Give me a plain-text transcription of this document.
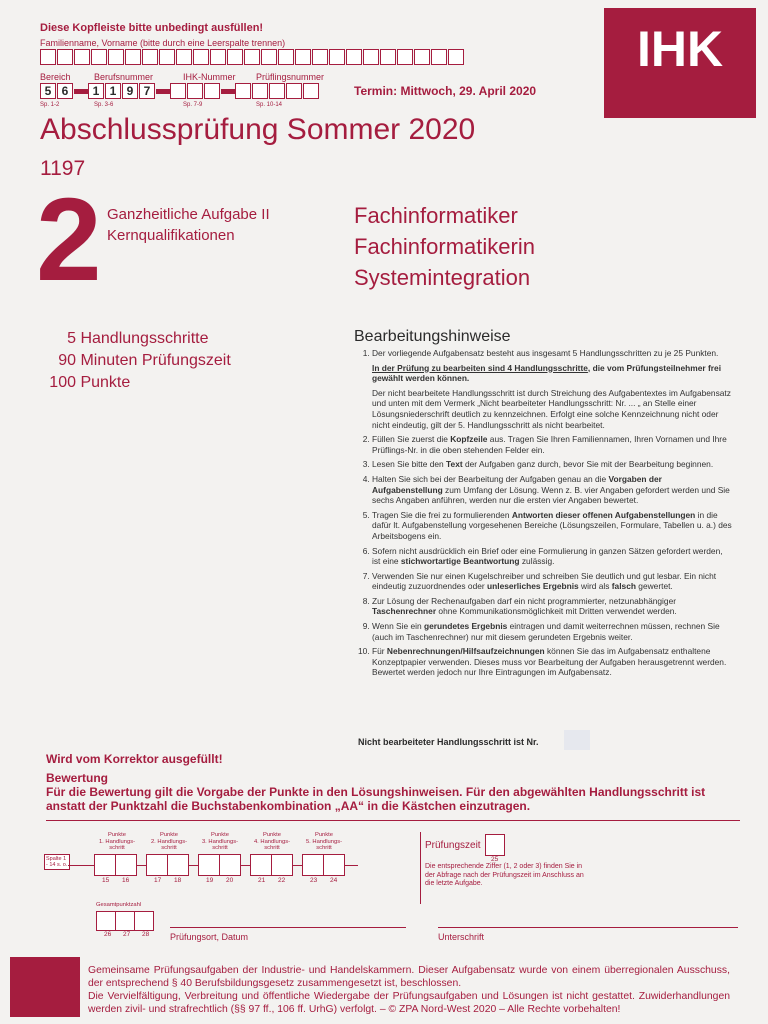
Diese Kopfleiste bitte unbedingt ausfüllen!
Familienname, Vorname (bitte durch eine Leerspalte trennen)
Bereich	Berufsnummer	IHK-Nummer Prüflingsnummer
5 6	1 1 9 7
Sp. 1-2	Sp. 3-6	Sp. 7-9	Sp. 10-14
Termin: Mittwoch, 29. April 2020
IHK
Abschlussprüfung Sommer 2020
1197
2 Ganzheitliche Aufgabe II
Kernqualifikationen
Fachinformatiker
Fachinformatikerin
Systemintegration
5 Handlungsschritte
90 Minuten Prüfungszeit
100 Punkte
Bearbeitungshinweise
1. Der vorliegende Aufgabensatz besteht aus insgesamt 5 Handlungsschritten zu je 25 Punkten.
In der Prüfung zu bearbeiten sind 4 Handlungsschritte, die vom Prüfungsteilnehmer frei gewählt werden können.
Der nicht bearbeitete Handlungsschritt ist durch Streichung des Aufgabentextes im Aufgabensatz und unten mit dem Vermerk „Nicht bearbeiteter Handlungsschritt: Nr. ... „ an Stelle einer Lösungsniederschrift deutlich zu kennzeichnen. Erfolgt eine solche Kennzeichnung nicht oder nicht eindeutig, gilt der 5. Handlungsschritt als nicht bearbeitet.
2. Füllen Sie zuerst die Kopfzeile aus. Tragen Sie Ihren Familiennamen, Ihren Vornamen und Ihre Prüflings-Nr. in die oben stehenden Felder ein.
3. Lesen Sie bitte den Text der Aufgaben ganz durch, bevor Sie mit der Bearbeitung beginnen.
4. Halten Sie sich bei der Bearbeitung der Aufgaben genau an die Vorgaben der Aufgabenstellung zum Umfang der Lösung. Wenn z. B. vier Angaben gefordert werden und Sie sechs Angaben anführen, werden nur die ersten vier Angaben bewertet.
5. Tragen Sie die frei zu formulierenden Antworten dieser offenen Aufgabenstellungen in die dafür lt. Aufgabenstellung vorgesehenen Bereiche (Lösungszeilen, Formulare, Tabellen u. a.) des Arbeitsbogens ein.
6. Sofern nicht ausdrücklich ein Brief oder eine Formulierung in ganzen Sätzen gefordert werden, ist eine stichwortartige Beantwortung zulässig.
7. Verwenden Sie nur einen Kugelschreiber und schreiben Sie deutlich und gut lesbar. Ein nicht eindeutig zuzuordnendes oder unleserliches Ergebnis wird als falsch gewertet.
8. Zur Lösung der Rechenaufgaben darf ein nicht programmierter, netzunabhängiger Taschenrechner ohne Kommunikationsmöglichkeit mit Dritten verwendet werden.
9. Wenn Sie ein gerundetes Ergebnis eintragen und damit weiterrechnen müssen, rechnen Sie (auch im Taschenrechner) nur mit diesem gerundeten Ergebnis weiter.
10. Für Nebenrechnungen/Hilfsaufzeichnungen können Sie das im Aufgabensatz enthaltene Konzeptpapier verwenden. Dieses muss vor Bearbeitung der Aufgaben herausgetrennt werden. Bewertet werden jedoch nur Ihre Eintragungen im Aufgabensatz.
Nicht bearbeiteter Handlungsschritt ist Nr.
Wird vom Korrektor ausgefüllt!
Bewertung
Für die Bewertung gilt die Vorgabe der Punkte in den Lösungshinweisen. Für den abgewählten Handlungsschritt ist anstatt der Punktzahl die Buchstabenkombination „AA“ in die Kästchen einzutragen.
Punkte
1. Handlungs-
schritt
Punkte
2. Handlungs-
schritt
Punkte
3. Handlungs-
schritt
Punkte
4. Handlungs-
schritt
Punkte
5. Handlungs-
schritt
Spalte 1 - 14 s. o.
15 16	17 18	19 20	21 22	23 24
Gesamtpunktzahl
26 27 28 Prüfungsort, Datum	Unterschrift
Prüfungszeit
25
Die entsprechende Ziffer (1, 2 oder 3) finden Sie in der Abfrage nach der Prüfungszeit im Anschluss an die letzte Aufgabe.
Gemeinsame Prüfungsaufgaben der Industrie- und Handelskammern. Dieser Aufgabensatz wurde von einem überregionalen Ausschuss, der entsprechend § 40 Berufsbildungsgesetz zusammengesetzt ist, beschlossen.
Die Vervielfältigung, Verbreitung und öffentliche Wiedergabe der Prüfungsaufgaben und Lösungen ist nicht gestattet. Zuwiderhandlungen werden zivil- und strafrechtlich (§§ 97 ff., 106 ff. UrhG) verfolgt. – © ZPA Nord-West 2020 – Alle Rechte vorbehalten!
